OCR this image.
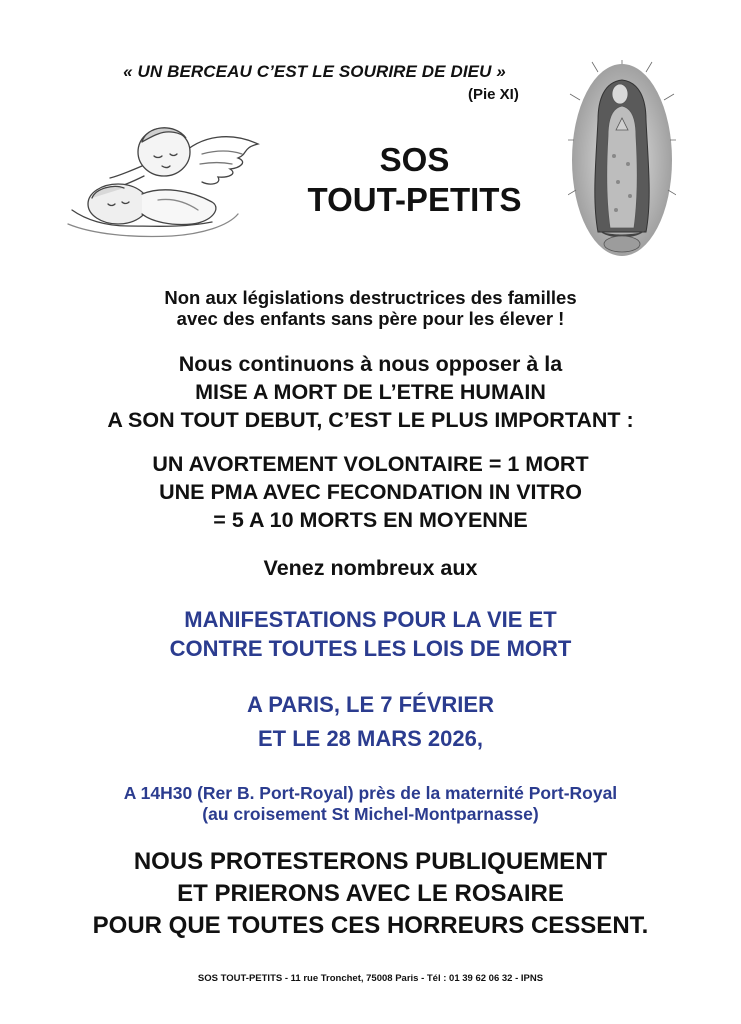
« UN BERCEAU C’EST LE SOURIRE DE DIEU »
(Pie XI)
SOS
TOUT-PETITS
Non aux législations destructrices des familles
avec des enfants sans père pour les élever !
Nous continuons à nous opposer à la
MISE A MORT DE L’ETRE HUMAIN
A SON TOUT DEBUT, C’EST LE PLUS IMPORTANT :
UN AVORTEMENT VOLONTAIRE = 1 MORT
UNE PMA AVEC FECONDATION IN VITRO
= 5 A 10 MORTS EN MOYENNE
Venez nombreux aux
MANIFESTATIONS POUR LA VIE ET
CONTRE TOUTES LES LOIS DE MORT
A PARIS, LE 7 FÉVRIER
ET LE 28 MARS 2026,
A 14H30 (Rer B. Port-Royal) près de la maternité Port-Royal
(au croisement St Michel-Montparnasse)
NOUS PROTESTERONS PUBLIQUEMENT
ET PRIERONS AVEC LE ROSAIRE
POUR QUE TOUTES CES HORREURS CESSENT.
SOS TOUT-PETITS - 11 rue Tronchet, 75008 Paris - Tél : 01 39 62 06 32 - IPNS
